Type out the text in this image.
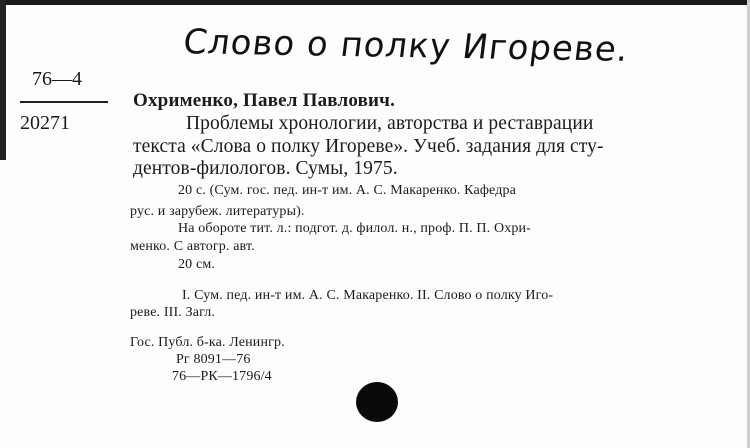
Слово о полку Игореве.
76—4
20271
Охрименко, Павел Павлович.
Проблемы хронологии, авторства и реставрации
текста «Слова о полку Игореве». Учеб. задания для сту-
дентов-филологов. Сумы, 1975.
20 с. (Сум. гос. пед. ин-т им. А. С. Макаренко. Кафедра
рус. и зарубеж. литературы).
На обороте тит. л.: подгот. д. филол. н., проф. П. П. Охри-
менко. С автогр. авт.
20 см.
I. Сум. пед. ин-т им. А. С. Макаренко. II. Слово о полку Иго-
реве. III. Загл.
Гос. Публ. б-ка. Ленингр.
Рг 8091—76
76—РК—1796/4
